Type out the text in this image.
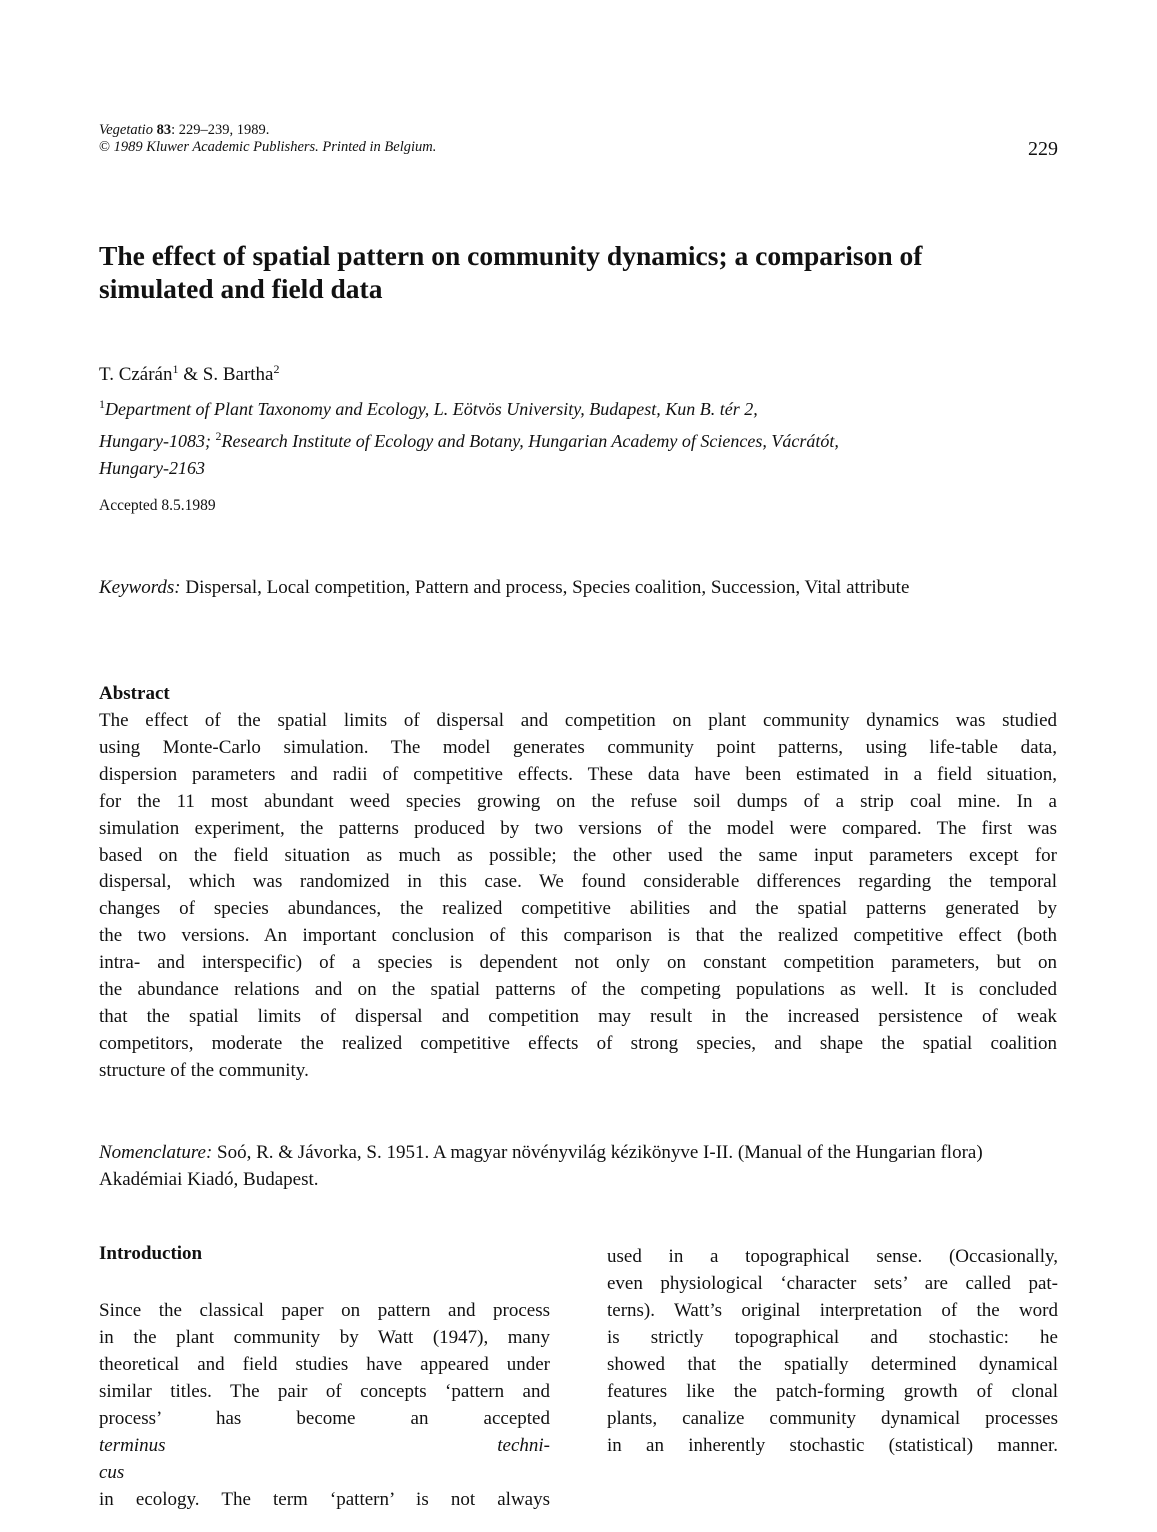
Vegetatio 83: 229–239, 1989.
© 1989 Kluwer Academic Publishers. Printed in Belgium.	229
The effect of spatial pattern on community dynamics; a comparison of
simulated and field data
T. Czárán$^1$ & S. Bartha$^2$
$^1$Department of Plant Taxonomy and Ecology, L. Eötvös University, Budapest, Kun B. tér 2,
Hungary-1083; $^2$Research Institute of Ecology and Botany, Hungarian Academy of Sciences, Vácrátót,
Hungary-2163
Accepted 8.5.1989
Keywords: Dispersal, Local competition, Pattern and process, Species coalition, Succession, Vital attribute
Abstract

The effect of the spatial limits of dispersal and competition on plant community dynamics was studied
using Monte-Carlo simulation. The model generates community point patterns, using life-table data,
dispersion parameters and radii of competitive effects. These data have been estimated in a field situation,
for the 11 most abundant weed species growing on the refuse soil dumps of a strip coal mine. In a
simulation experiment, the patterns produced by two versions of the model were compared. The first was
based on the field situation as much as possible; the other used the same input parameters except for
dispersal, which was randomized in this case. We found considerable differences regarding the temporal
changes of species abundances, the realized competitive abilities and the spatial patterns generated by
the two versions. An important conclusion of this comparison is that the realized competitive effect (both
intra- and interspecific) of a species is dependent not only on constant competition parameters, but on
the abundance relations and on the spatial patterns of the competing populations as well. It is concluded
that the spatial limits of dispersal and competition may result in the increased persistence of weak
competitors, moderate the realized competitive effects of strong species, and shape the spatial coalition
structure of the community.

Nomenclature: Soó, R. & Jávorka, S. 1951. A magyar növényvilág kézikönyve I-II. (Manual of the Hungarian flora) Akadémiai Kiadó, Budapest.
Introduction
Since the classical paper on pattern and process
in the plant community by Watt (1947), many
theoretical and field studies have appeared under
similar titles. The pair of concepts ‘pattern and
process’ has become an accepted
terminus techni-
cus
in ecology. The term ‘pattern’ is not always
used in a topographical sense. (Occasionally,
even physiological ‘character sets’ are called pat-
terns). Watt’s original interpretation of the word
is strictly topographical and stochastic: he
showed that the spatially determined dynamical
features like the patch-forming growth of clonal
plants, canalize community dynamical processes
in an inherently stochastic (statistical) manner.
